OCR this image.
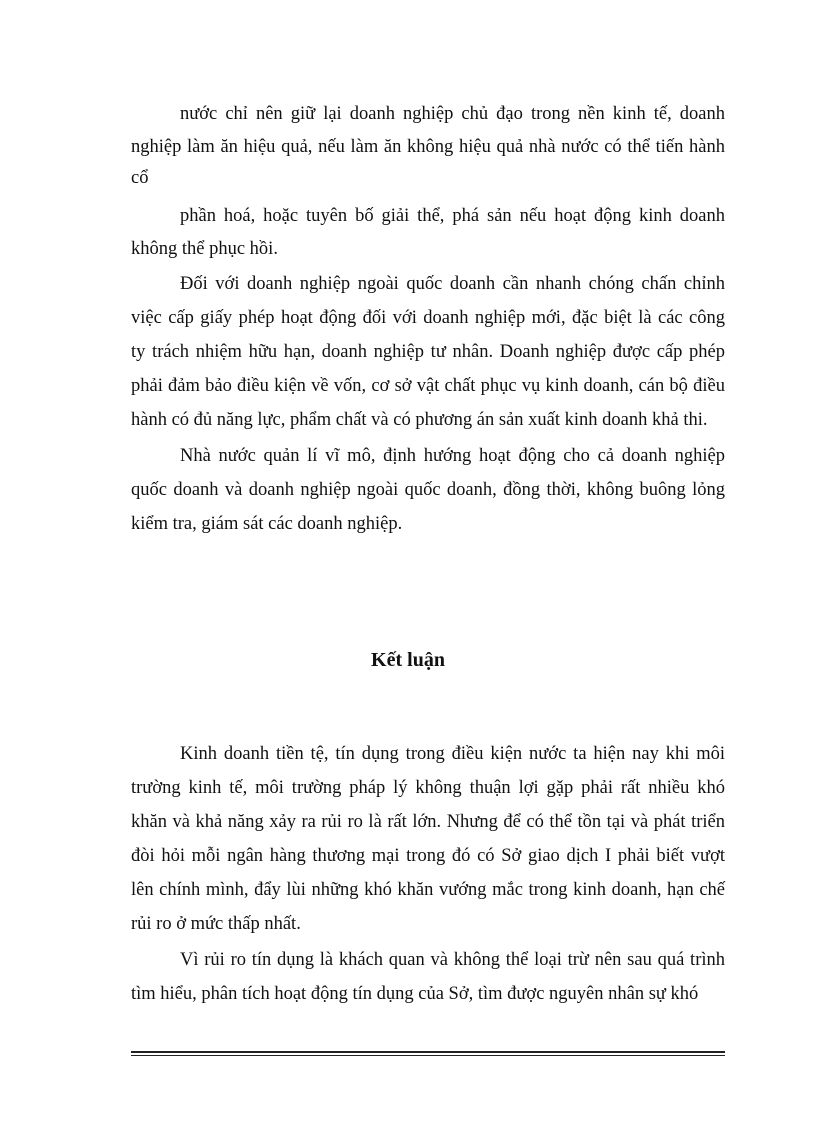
nước chỉ nên giữ lại doanh nghiệp chủ đạo trong nền kinh tế, doanh
nghiệp làm ăn hiệu quả, nếu làm ăn không hiệu quả nhà nước có thể tiến hành
cổ
phần hoá, hoặc tuyên bố giải thể, phá sản nếu hoạt động kinh doanh
không thể phục hồi.
Đối với doanh nghiệp ngoài quốc doanh cần nhanh chóng chấn chỉnh
việc cấp giấy phép hoạt động đối với doanh nghiệp mới, đặc biệt là các công
ty trách nhiệm hữu hạn, doanh nghiệp tư nhân. Doanh nghiệp được cấp phép
phải đảm bảo điều kiện về vốn, cơ sở vật chất phục vụ kinh doanh, cán bộ điều
hành có đủ năng lực, phẩm chất và có phương án sản xuất kinh doanh khả thi.
Nhà nước quản lí vĩ mô, định hướng hoạt động cho cả doanh nghiệp
quốc doanh và doanh nghiệp ngoài quốc doanh, đồng thời, không buông lỏng
kiểm tra, giám sát các doanh nghiệp.
Kết luận
Kinh doanh tiền tệ, tín dụng trong điều kiện nước ta hiện nay khi môi
trường kinh tế, môi trường pháp lý không thuận lợi gặp phải rất nhiều khó
khăn và khả năng xảy ra rủi ro là rất lớn. Nhưng để có thể tồn tại và phát triển
đòi hỏi mỗi ngân hàng thương mại trong đó có Sở giao dịch I phải biết vượt
lên chính mình, đẩy lùi những khó khăn vướng mắc trong kinh doanh, hạn chế
rủi ro ở mức thấp nhất.
Vì rủi ro tín dụng là khách quan và không thể loại trừ nên sau quá trình
tìm hiểu, phân tích hoạt động tín dụng của Sở, tìm được nguyên nhân sự khó
